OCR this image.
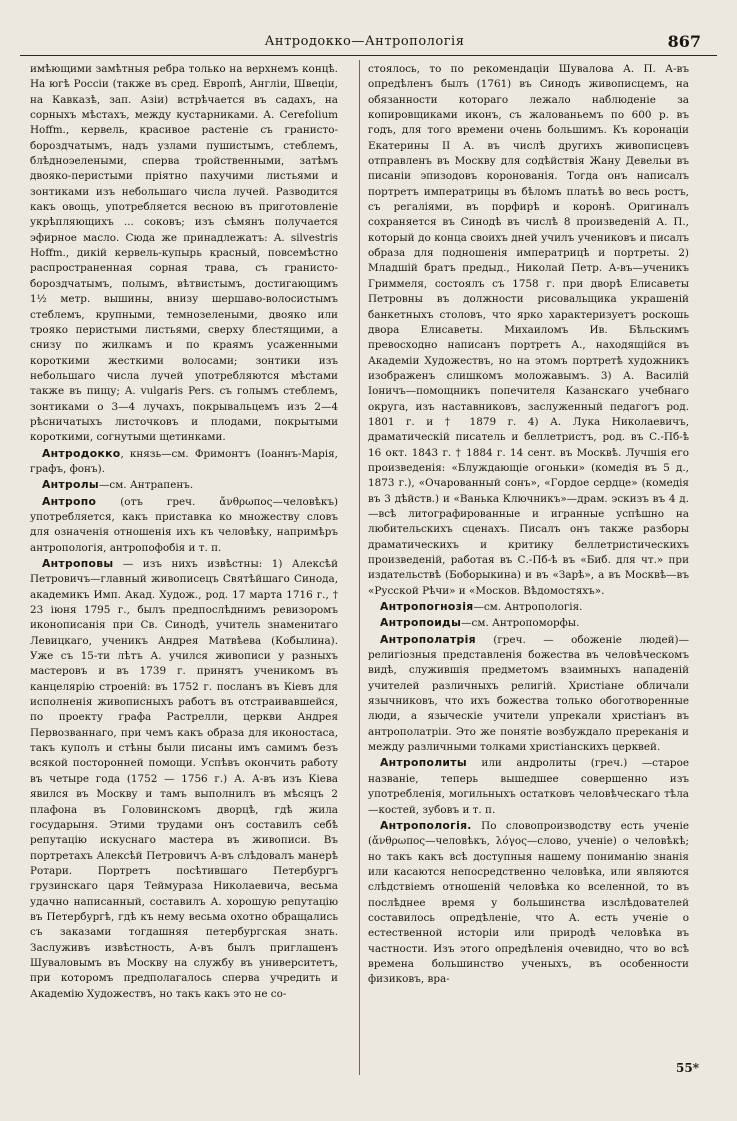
Антродокко—Антропологія	867

имѣющими замѣтныя ребра только на верхнемъ концѣ. На югѣ Россіи (также въ сред. Европѣ, Англіи, Швеціи, на Кавказѣ, зап. Азіи) встрѣчается въ садахъ, на сорныхъ мѣстахъ, между кустарниками. A. Cerefolium Hoffm., кервель, красивое растеніе съ гранисто-бороздчатымъ, надъ узлами пушистымъ, стеблемъ, блѣдноэелеными, сперва тройственными, затѣмъ двояко-перистыми пріятно пахучими листьями и зонтиками изъ небольшаго числа лучей. Разводится какъ овощь, употребляется весною въ приготовленіе укрѣпляющихъ ... соковъ; изъ сѣмянъ получается эфирное масло. Сюда же принадлежатъ: A. silvestris Hoffm., дикій кервель-купырь красный, повсемѣстно распространенная сорная трава, съ гранисто-бороздчатымъ, полымъ, вѣтвистымъ, достигающимъ 1½ метр. вышины, внизу шершаво-волосистымъ стеблемъ, крупными, темнозелеными, двояко или трояко перистыми листьями, сверху блестящими, а снизу по жилкамъ и по краямъ усаженными короткими жесткими волосами; зонтики изъ небольшаго числа лучей употребляются мѣстами также въ пищу; A. vulgaris Pers. съ голымъ стеблемъ, зонтиками о 3—4 лучахъ, покрывальцемъ изъ 2—4 рѣсничатыхъ листочковъ и плодами, покрытыми короткими, согнутыми щетинками.

Антродокко, князь—см. Фримонтъ (Іоаннъ-Марія, графъ, фонъ).

Антролы—см. Антрапенъ.

Антропо (отъ греч. ἄνθρωπος—человѣкъ) употребляется, какъ приставка ко множеству словъ для означенія отношенія ихъ къ человѣку, напримѣръ антропологія, антропофобія и т. п.

Антроповы — изъ нихъ извѣстны: 1) Алексѣй Петровичъ—главный живописецъ Святѣйшаго Синода, академикъ Имп. Акад. Худож., род. 17 марта 1716 г., † 23 іюня 1795 г., былъ предпослѣднимъ ревизоромъ иконописанія при Св. Синодѣ, учитель знаменитаго Левицкаго, ученикъ Андрея Матвѣева (Кобылина). Уже съ 15-ти лѣтъ А. учился живописи у разныхъ мастеровъ и въ 1739 г. принятъ ученикомъ въ канцелярію строеній: въ 1752 г. посланъ въ Кіевъ для исполненія живописныхъ работъ въ отстраивавшейся, по проекту графа Растрелли, церкви Андрея Первозваннаго, при чемъ какъ образа для иконостаса, такъ куполъ и стѣны были писаны имъ самимъ безъ всякой посторонней помощи. Успѣвъ окончить работу въ четыре года (1752 — 1756 г.) А. А-въ изъ Кіева явился въ Москву и тамъ выполнилъ въ мѣсяцъ 2 плафона въ Головинскомъ дворцѣ, гдѣ жила государыня. Этими трудами онъ составилъ себѣ репутацію искуснаго мастера въ живописи. Въ портретахъ Алексѣй Петровичъ А-въ слѣдовалъ манерѣ Ротари. Портретъ посѣтившаго Петербургъ грузинскаго царя Теймураза Николаевича, весьма удачно написанный, составилъ А. хорошую репутацію въ Петербургѣ, гдѣ къ нему весьма охотно обращались съ заказами тогдашняя петербургская знать. Заслуживъ извѣстность, А-въ былъ приглашенъ Шуваловымъ въ Москву на службу въ университетъ, при которомъ предполагалось сперва учредить и Академію Художествъ, но такъ какъ это не со-

стоялось, то по рекомендаціи Шувалова А. П. А-въ опредѣленъ былъ (1761) въ Синодъ живописцемъ, на обязанности котораго лежало наблюденіе за копировщиками иконъ, съ жалованьемъ по 600 р. въ годъ, для того времени очень большимъ. Къ коронаціи Екатерины II А. въ числѣ другихъ живописцевъ отправленъ въ Москву для содѣйствія Жану Девельи въ писаніи эпизодовъ коронованія. Тогда онъ написалъ портретъ императрицы въ бѣломъ платьѣ во весь ростъ, съ регаліями, въ порфирѣ и коронѣ. Оригиналъ сохраняется въ Синодѣ въ числѣ 8 произведеній А. П., который до конца своихъ дней училъ учениковъ и писалъ образа для подношенія императрицѣ и портреты. 2) Младшій братъ предыд., Николай Петр. А-въ—ученикъ Гриммеля, состоялъ съ 1758 г. при дворѣ Елисаветы Петровны въ должности рисовальщика украшеній банкетныхъ столовъ, что ярко характеризуетъ роскошь двора Елисаветы. Михаиломъ Ив. Бѣльскимъ превосходно написанъ портретъ А., находящійся въ Академіи Художествъ, но на этомъ портретѣ художникъ изображенъ слишкомъ моложавымъ. 3) А. Василій Іоничъ—помощникъ попечителя Казанскаго учебнаго округа, изъ наставниковъ, заслуженный педагогъ род. 1801 г. и † 1879 г. 4) А. Лука Николаевичъ, драматическій писатель и беллетристъ, род. въ С.-Пб-ѣ 16 окт. 1843 г. † 1884 г. 14 сент. въ Москвѣ. Лучшія его произведенія: «Блуждающіе огоньки» (комедія въ 5 д., 1873 г.), «Очарованный сонъ», «Гордое сердце» (комедія въ 3 дѣйств.) и «Ванька Ключникъ»—драм. эскизъ въ 4 д.—всѣ литографированные и игранные успѣшно на любительскихъ сценахъ. Писалъ онъ также разборы драматическихъ и критику беллетристическихъ произведеній, работая въ С.-Пб-ѣ въ «Биб. для чт.» при издательствѣ (Боборыкина) и въ «Зарѣ», а въ Москвѣ—въ «Русской Рѣчи» и «Москов. Вѣдомостяхъ».

Антропогнозія—см. Антропологія.

Антропоиды—см. Антропоморфы.

Антрополатрія (греч. — обоженіе людей)—религіозныя представленія божества въ человѣческомъ видѣ, служившія предметомъ взаимныхъ нападеній учителей различныхъ религій. Христіане обличали язычниковъ, что ихъ божества только обоготворенные люди, а языческіе учители упрекали христіанъ въ антрополатріи. Это же понятіе возбуждало пререканія и между различными толками христіанскихъ церквей.

Антрополиты или андролиты (греч.) —старое названіе, теперь вышедшее совершенно изъ употребленія, могильныхъ остатковъ человѣческаго тѣла—костей, зубовъ и т. п.

Антропологія. По словопроизводству есть ученіе (ἄνθρωπος—человѣкъ, λόγος—слово, ученіе) о человѣкѣ; но такъ какъ всѣ доступныя нашему пониманію знанія или касаются непосредственно человѣка, или являются слѣдствіемъ отношеній человѣка ко вселенной, то въ послѣднее время у большинства изслѣдователей составилось опредѣленіе, что А. есть ученіе о естественной исторіи или природѣ человѣка въ частности. Изъ этого опредѣленія очевидно, что во всѣ времена большинство ученыхъ, въ особенности физиковъ, вра-

55*
